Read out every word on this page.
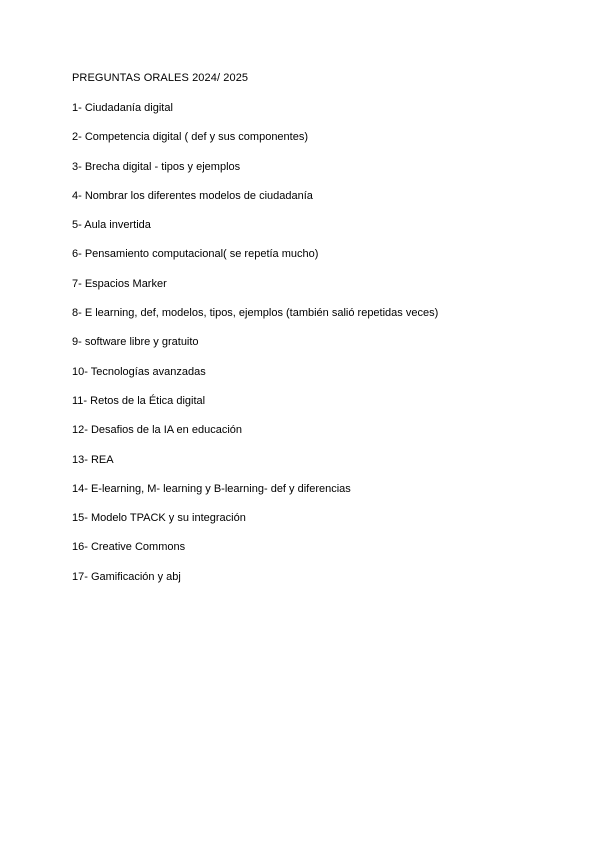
PREGUNTAS ORALES 2024/ 2025
1- Ciudadanía digital
2- Competencia digital ( def y sus componentes)
3- Brecha digital - tipos y ejemplos
4- Nombrar los diferentes modelos de ciudadanía
5- Aula invertida
6- Pensamiento computacional( se repetía mucho)
7- Espacios Marker
8- E learning, def, modelos, tipos, ejemplos (también salió repetidas veces)
9- software libre y gratuito
10- Tecnologías avanzadas
11- Retos de la Ética digital
12- Desafios de la IA en educación
13- REA
14- E-learning, M- learning y B-learning- def y diferencias
15- Modelo TPACK y su integración
16- Creative Commons
17- Gamificación y abj
